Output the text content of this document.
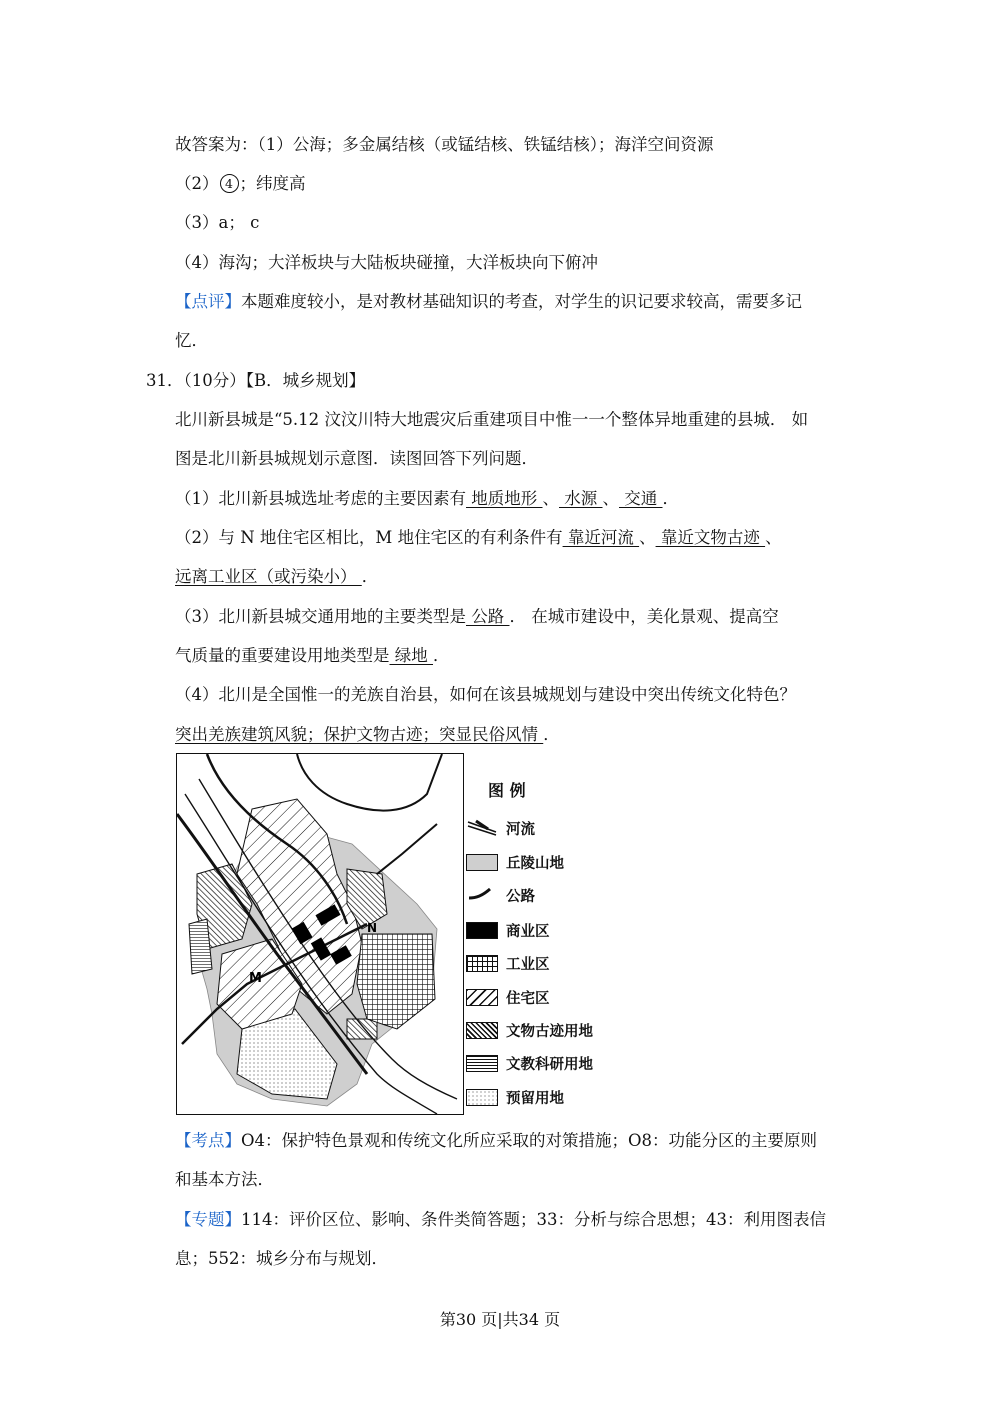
故答案为：（1）公海；多金属结核（或锰结核、铁锰结核）；海洋空间资源
（2） 4 ；纬度高
（3）a； c
（4）海沟；大洋板块与大陆板块碰撞，大洋板块向下俯冲
【点评】本题难度较小，是对教材基础知识的考查，对学生的识记要求较高，需要多记
忆．
31．（10分）【B．城乡规划】
北川新县城是“5.12 汶汶川特大地震灾后重建项目中惟一一个整体异地重建的县城． 如
图是北川新县城规划示意图．读图回答下列问题．
（1）北川新县城选址考虑的主要因素有 地质地形 、 水源 、 交通 ．
（2）与 N 地住宅区相比，M 地住宅区的有利条件有 靠近河流 、 靠近文物古迹 、
远离工业区（或污染小） ．
（3）北川新县城交通用地的主要类型是 公路 ． 在城市建设中，美化景观、提高空
气质量的重要建设用地类型是 绿地 ．
（4）北川是全国惟一的羌族自治县，如何在该县城规划与建设中突出传统文化特色？
突出羌族建筑风貌；保护文物古迹；突显民俗风情 ．
M
N
图 例
河流
丘陵山地
公路
商业区
工业区
住宅区
文物古迹用地
文教科研用地
预留用地
【考点】O4：保护特色景观和传统文化所应采取的对策措施；O8：功能分区的主要原则
和基本方法．
【专题】114：评价区位、影响、条件类简答题；33：分析与综合思想；43：利用图表信
息；552：城乡分布与规划．
第30 页|共34 页
